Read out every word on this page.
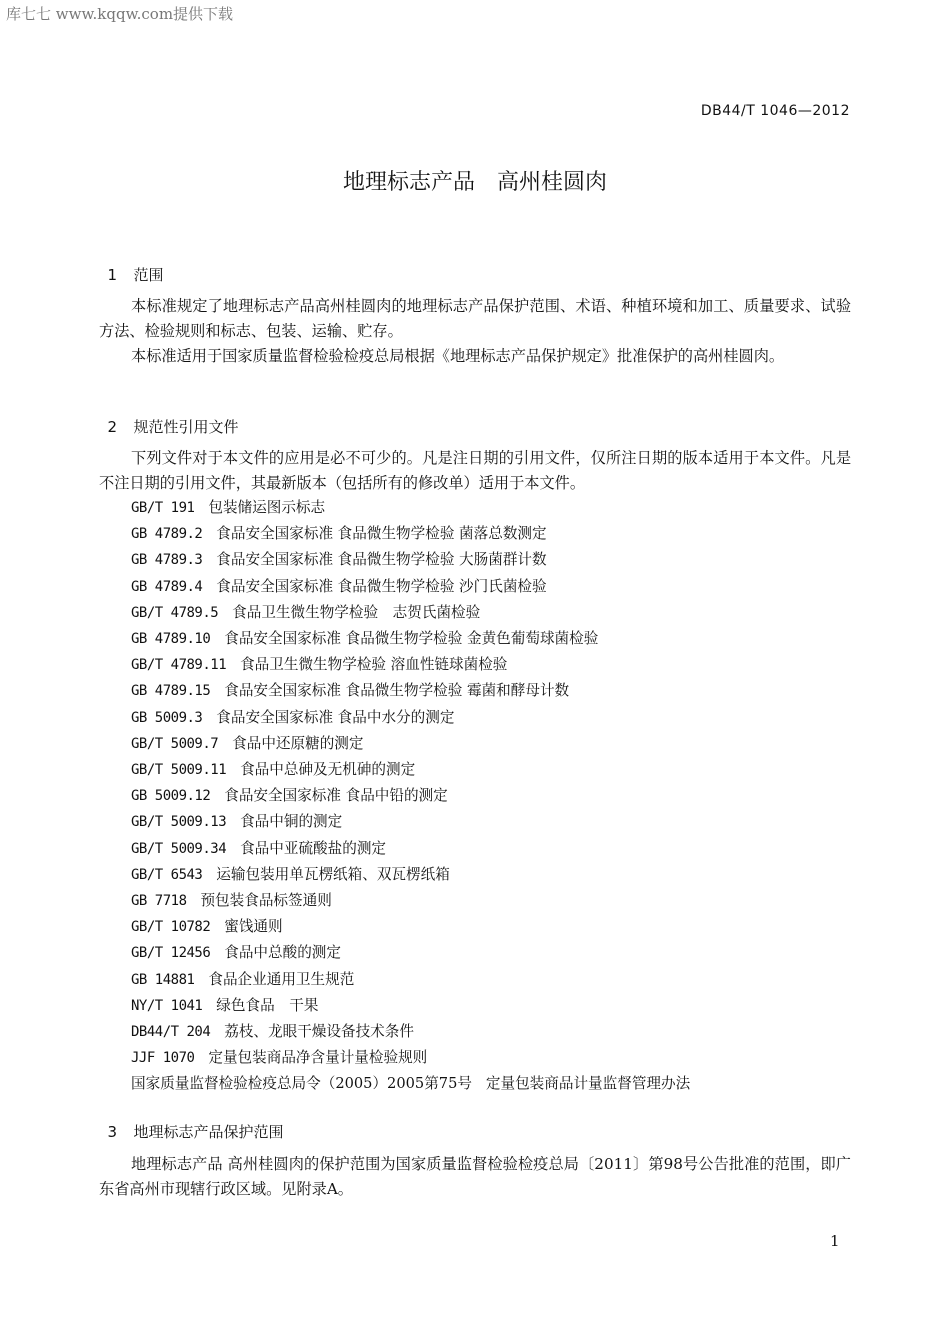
库七七 www.kqqw.com提供下载
DB44/T 1046—2012
地理标志产品　高州桂圆肉

1 范围

本标准规定了地理标志产品高州桂圆肉的地理标志产品保护范围、术语、种植环境和加工、质量要求、试验方法、检验规则和标志、包装、运输、贮存。
本标准适用于国家质量监督检验检疫总局根据《地理标志产品保护规定》批准保护的高州桂圆肉。

2 规范性引用文件

下列文件对于本文件的应用是必不可少的。凡是注日期的引用文件，仅所注日期的版本适用于本文件。凡是不注日期的引用文件，其最新版本（包括所有的修改单）适用于本文件。
GB/T 191 包装储运图示标志
GB 4789.2 食品安全国家标准 食品微生物学检验 菌落总数测定
GB 4789.3 食品安全国家标准 食品微生物学检验 大肠菌群计数
GB 4789.4 食品安全国家标准 食品微生物学检验 沙门氏菌检验
GB/T 4789.5 食品卫生微生物学检验　志贺氏菌检验
GB 4789.10 食品安全国家标准 食品微生物学检验 金黄色葡萄球菌检验
GB/T 4789.11 食品卫生微生物学检验 溶血性链球菌检验
GB 4789.15 食品安全国家标准 食品微生物学检验 霉菌和酵母计数
GB 5009.3 食品安全国家标准 食品中水分的测定
GB/T 5009.7 食品中还原糖的测定
GB/T 5009.11 食品中总砷及无机砷的测定
GB 5009.12 食品安全国家标准 食品中铅的测定
GB/T 5009.13 食品中铜的测定
GB/T 5009.34 食品中亚硫酸盐的测定
GB/T 6543 运输包装用单瓦楞纸箱、双瓦楞纸箱
GB 7718 预包装食品标签通则
GB/T 10782 蜜饯通则
GB/T 12456 食品中总酸的测定
GB 14881 食品企业通用卫生规范
NY/T 1041 绿色食品　干果
DB44/T 204 荔枝、龙眼干燥设备技术条件
JJF 1070 定量包装商品净含量计量检验规则
国家质量监督检验检疫总局令（2005）2005第75号 定量包装商品计量监督管理办法

3 地理标志产品保护范围

地理标志产品 高州桂圆肉的保护范围为国家质量监督检验检疫总局〔2011〕第98号公告批准的范围，即广东省高州市现辖行政区域。见附录A。
1
